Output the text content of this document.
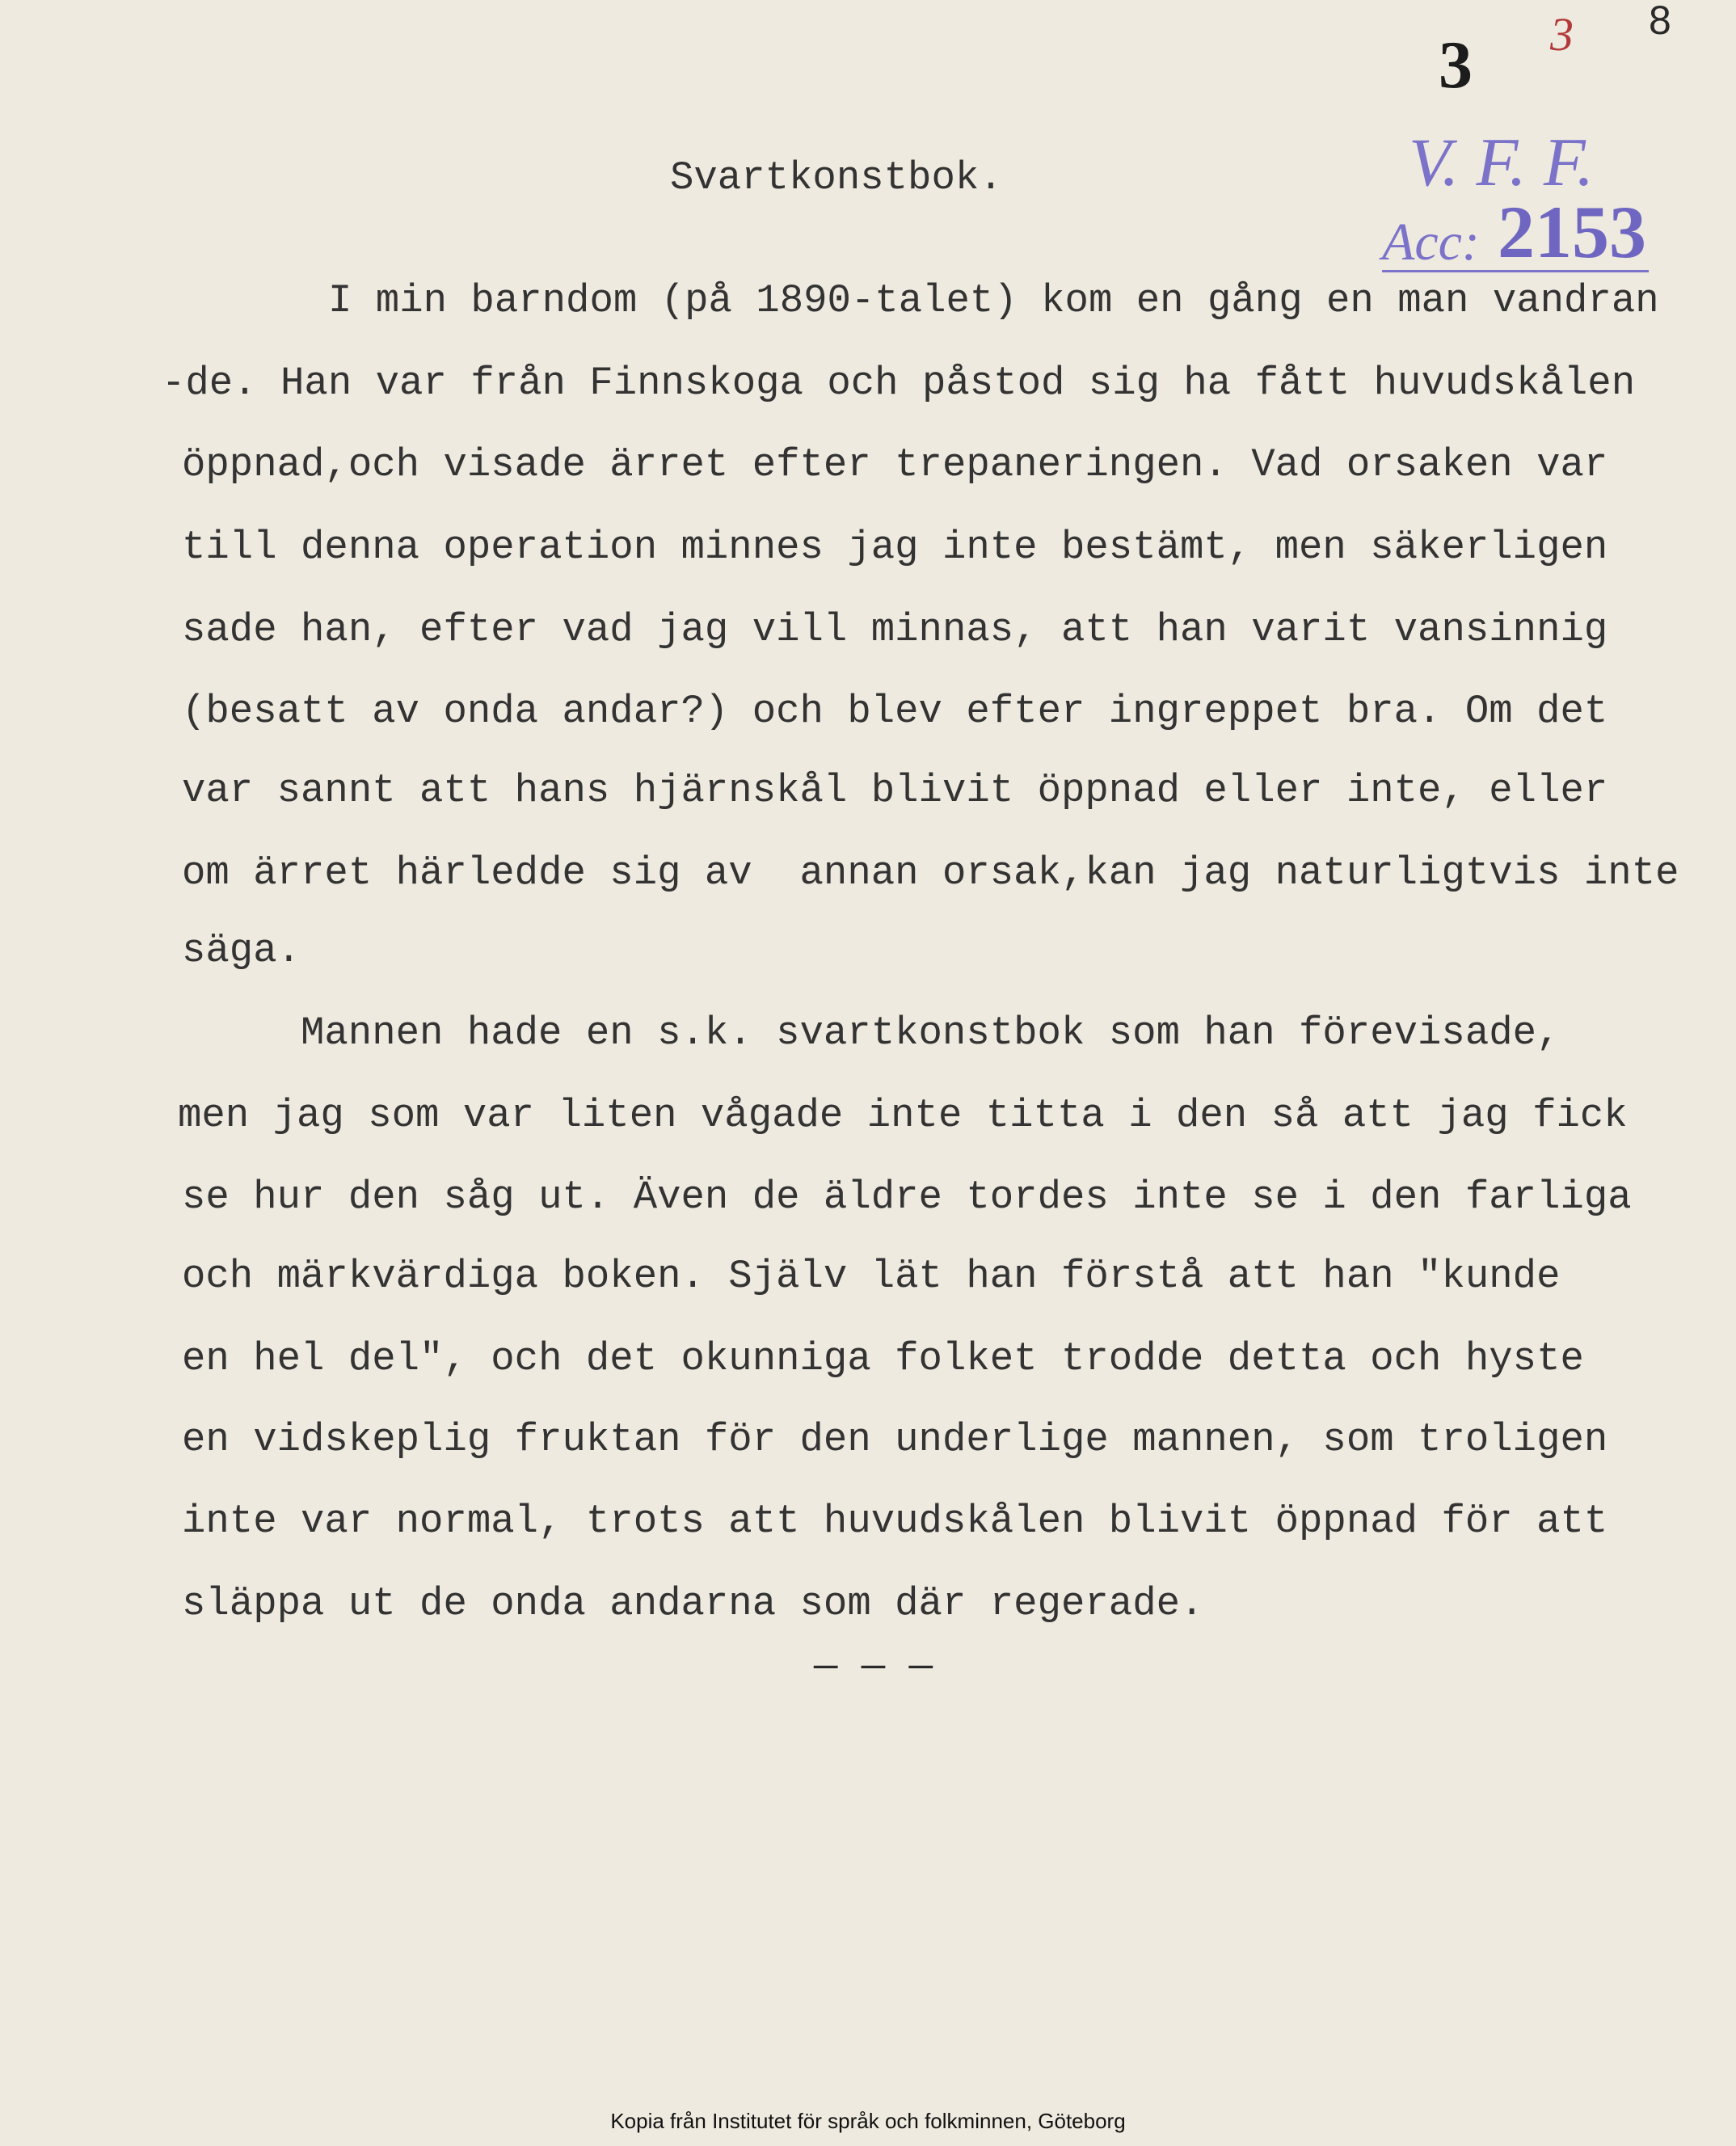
3 3 8
V. F. F.
Acc: 2153
Svartkonstbok.
I min barndom (på 1890-talet) kom en gång en man vandran
-de. Han var från Finnskoga och påstod sig ha fått huvudskålen
öppnad,och visade ärret efter trepaneringen. Vad orsaken var
till denna operation minnes jag inte bestämt, men säkerligen
sade han, efter vad jag vill minnas, att han varit vansinnig
(besatt av onda andar?) och blev efter ingreppet bra. Om det
var sannt att hans hjärnskål blivit öppnad eller inte, eller
om ärret härledde sig av  annan orsak,kan jag naturligtvis inte
säga.
Mannen hade en s.k. svartkonstbok som han förevisade,
men jag som var liten vågade inte titta i den så att jag fick
se hur den såg ut. Även de äldre tordes inte se i den farliga
och märkvärdiga boken. Själv lät han förstå att han "kunde
en hel del", och det okunniga folket trodde detta och hyste
en vidskeplig fruktan för den underlige mannen, som troligen
inte var normal, trots att huvudskålen blivit öppnad för att
släppa ut de onda andarna som där regerade.
— — —
Kopia från Institutet för språk och folkminnen, Göteborg
